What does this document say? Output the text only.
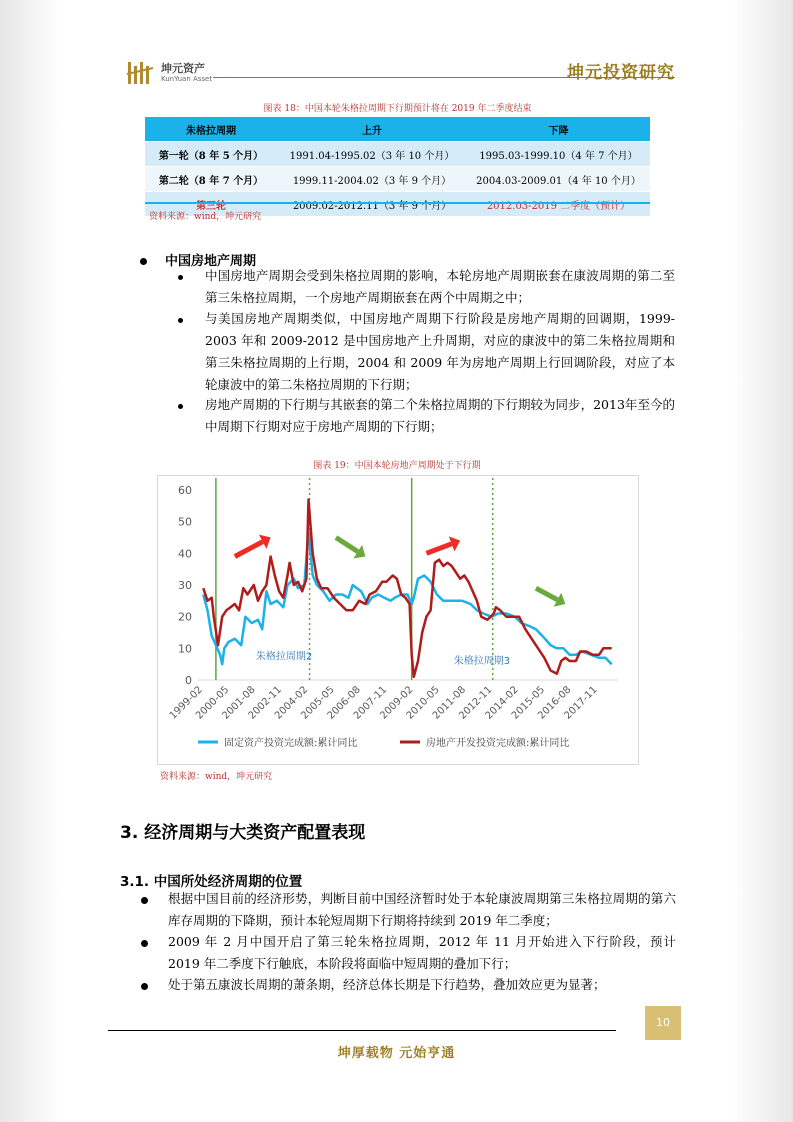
坤元资产
KunYuan Asset	坤元投资研究
图表 18：中国本轮朱格拉周期下行期预计将在 2019 年二季度结束
朱格拉周期	上升	下降
第一轮（8 年 5 个月）	1991.04-1995.02（3 年 10 个月）	1995.03-1999.10（4 年 7 个月）
第二轮（8 年 7 个月）	1999.11-2004.02（3 年 9 个月）	2004.03-2009.01（4 年 10 个月）
第三轮	2009.02-2012.11（3 年 9 个月）	2012.03-2019 二季度（预计）
资料来源：wind，坤元研究
中国房地产周期
中国房地产周期会受到朱格拉周期的影响，本轮房地产周期嵌套在康波周期的第二至第三朱格拉周期，一个房地产周期嵌套在两个中周期之中；
与美国房地产周期类似，中国房地产周期下行阶段是房地产周期的回调期，1999-2003 年和 2009-2012 是中国房地产上升周期，对应的康波中的第二朱格拉周期和第三朱格拉周期的上行期，2004 和 2009 年为房地产周期上行回调阶段，对应了本轮康波中的第二朱格拉周期的下行期；
房地产周期的下行期与其嵌套的第二个朱格拉周期的下行期较为同步，2013年至今的中周期下行期对应于房地产周期的下行期；
图表 19：中国本轮房地产周期处于下行期
0
10
20
30
40
50
60
1999-02
2000-05
2001-08
2002-11
2004-02
2005-05
2006-08
2007-11
2009-02
2010-05
2011-08
2012-11
2014-02
2015-05
2016-08
2017-11
朱格拉周期2	朱格拉周期3
固定资产投资完成额:累计同比	房地产开发投资完成额:累计同比
资料来源：wind，坤元研究
3. 经济周期与大类资产配置表现
3.1. 中国所处经济周期的位置
根据中国目前的经济形势，判断目前中国经济暂时处于本轮康波周期第三朱格拉周期的第六库存周期的下降期，预计本轮短周期下行期将持续到 2019 年二季度；
2009 年 2 月中国开启了第三轮朱格拉周期，2012 年 11 月开始进入下行阶段，预计 2019 年二季度下行触底，本阶段将面临中短周期的叠加下行；
处于第五康波长周期的萧条期，经济总体长期是下行趋势，叠加效应更为显著；
10
坤厚载物 元始亨通
